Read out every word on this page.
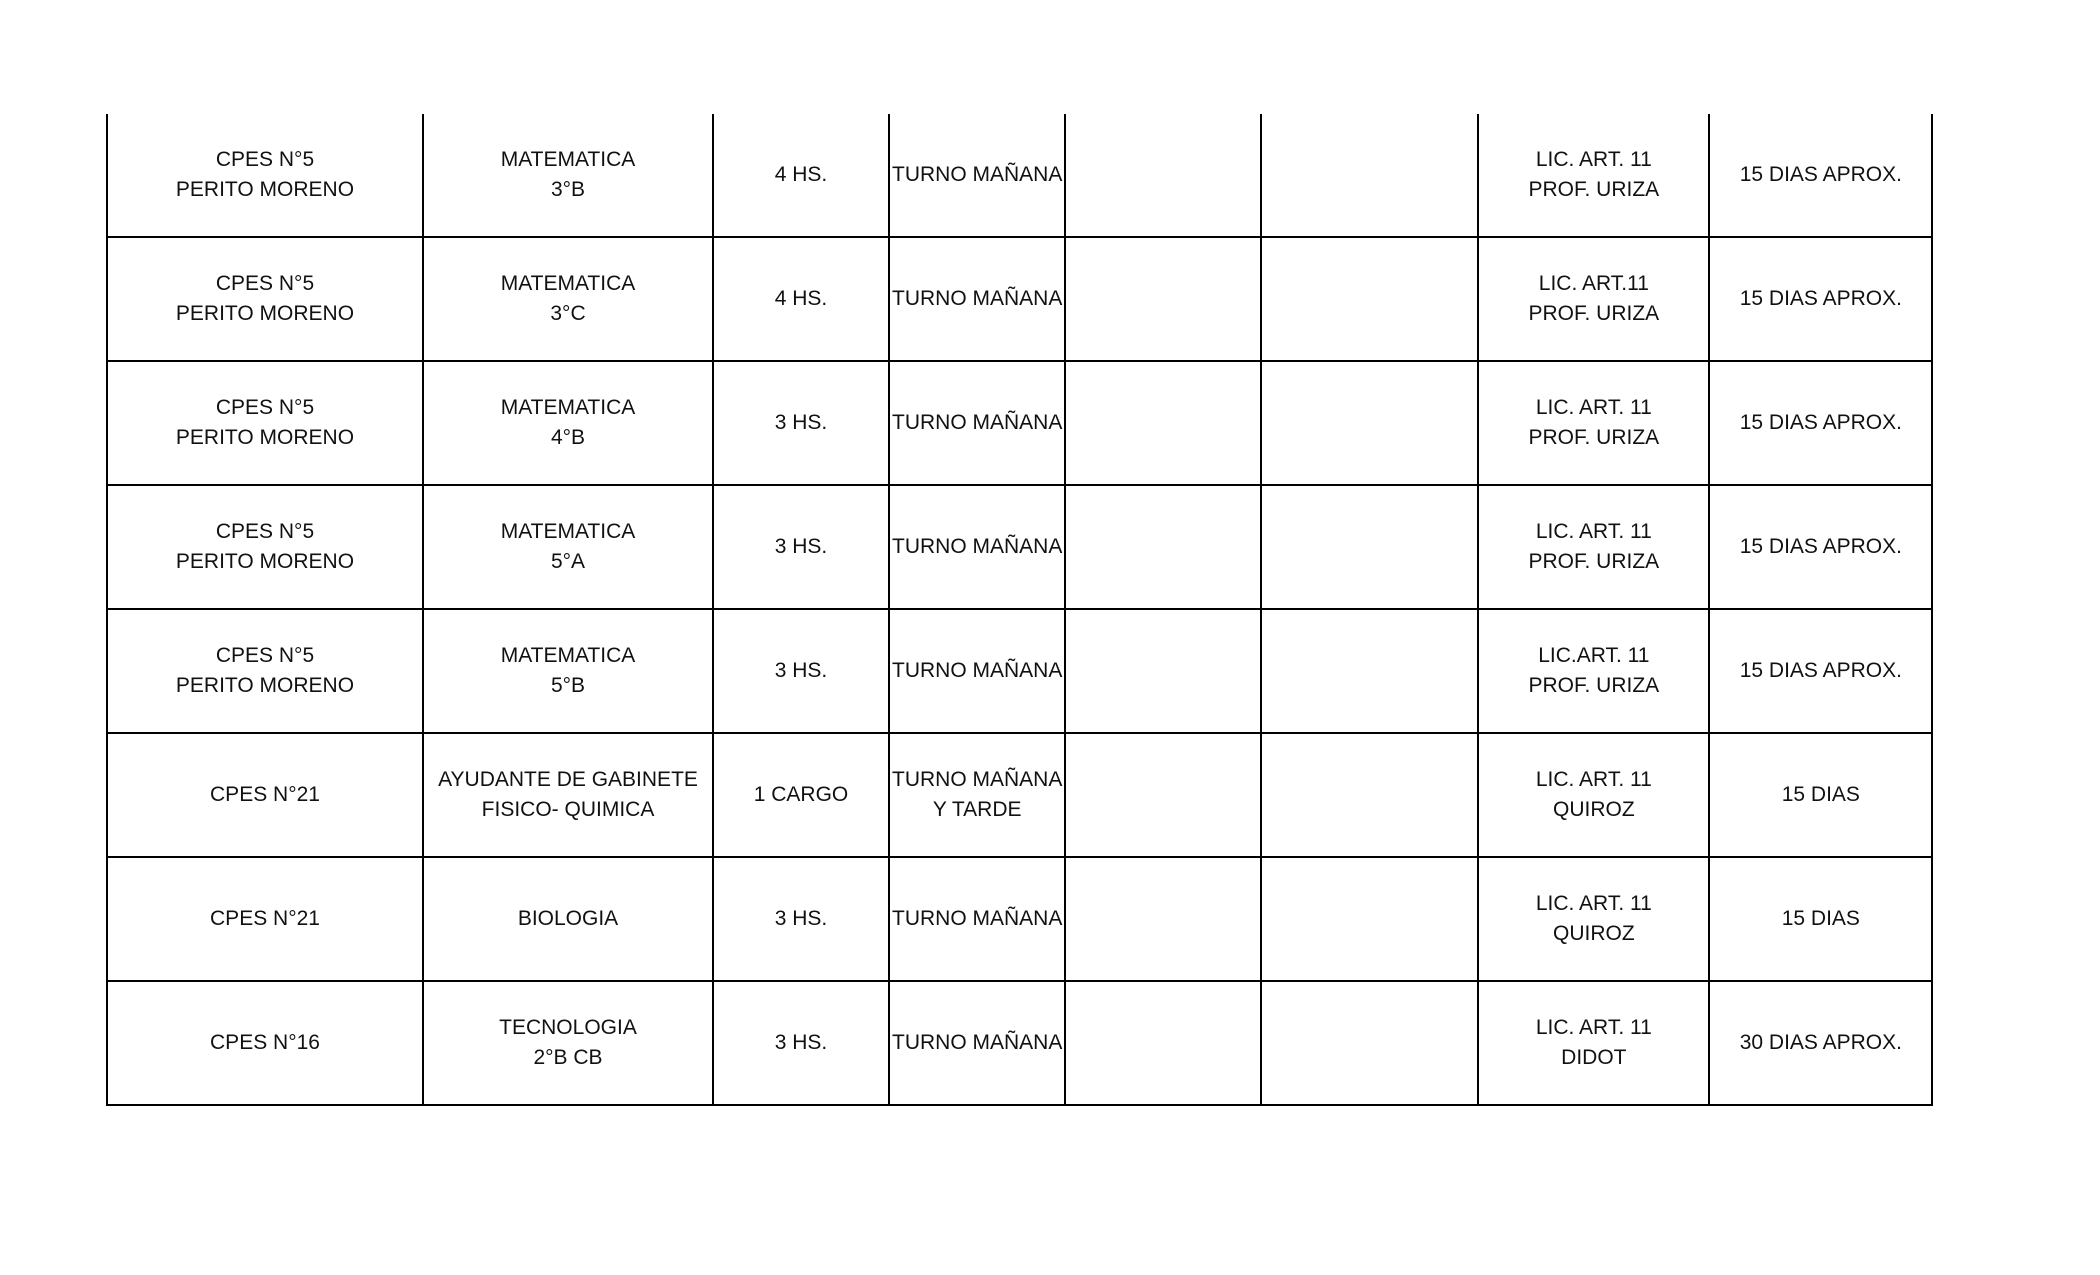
CPES N°5
PERITO MORENO	MATEMATICA
3°B	4 HS.	TURNO MAÑANA			LIC. ART. 11
PROF. URIZA	15 DIAS APROX.

CPES N°5
PERITO MORENO	MATEMATICA
3°C	4 HS.	TURNO MAÑANA			LIC. ART.11
PROF. URIZA	15 DIAS APROX.

CPES N°5
PERITO MORENO	MATEMATICA
4°B	3 HS.	TURNO MAÑANA			LIC. ART. 11
PROF. URIZA	15 DIAS APROX.

CPES N°5
PERITO MORENO	MATEMATICA
5°A	3 HS.	TURNO MAÑANA			LIC. ART. 11
PROF. URIZA	15 DIAS APROX.

CPES N°5
PERITO MORENO	MATEMATICA
5°B	3 HS.	TURNO MAÑANA			LIC.ART. 11
PROF. URIZA	15 DIAS APROX.

CPES N°21	AYUDANTE DE GABINETE
FISICO- QUIMICA	1 CARGO	TURNO MAÑANA
Y TARDE			LIC. ART. 11
QUIROZ	15 DIAS

CPES N°21	BIOLOGIA	3 HS.	TURNO MAÑANA			LIC. ART. 11
QUIROZ	15 DIAS

CPES N°16	TECNOLOGIA
2°B CB	3 HS.	TURNO MAÑANA			LIC. ART. 11
DIDOT	30 DIAS APROX.
